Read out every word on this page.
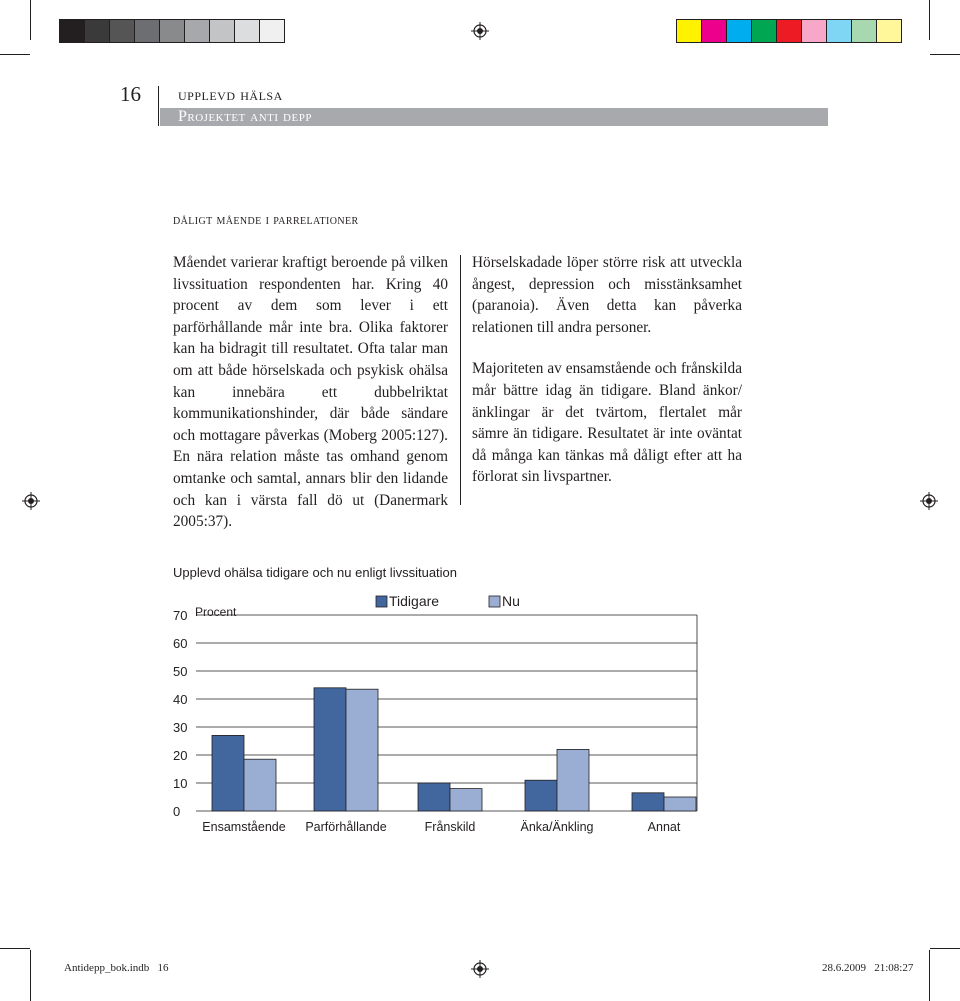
16 upplevd hälsa
Projektet anti depp
dåligt mående i parrelationer

Måendet varierar kraftigt beroende på vilken livssituation respondenten har. Kring 40 procent av dem som lever i ett parförhållande mår inte bra. Olika faktorer kan ha bidragit till resultatet. Ofta talar man om att både hörselskada och psykisk ohälsa kan innebära ett dubbelriktat kommunikationshinder, där både sändare och mottagare påverkas (Moberg 2005:127). En nära relation måste tas omhand genom omtanke och samtal, annars blir den lidande och kan i värsta fall dö ut (Danermark 2005:37).

Hörselskadade löper större risk att utveckla ångest, depression och misstänksamhet (paranoia). Även detta kan påverka relationen till andra personer.

Majoriteten av ensamstående och frånskilda mår bättre idag än tidigare. Bland änkor/änklingar är det tvärtom, flertalet mår sämre än tidigare. Resultatet är inte oväntat då många kan tänkas må dåligt efter att ha förlorat sin livspartner.

Upplevd ohälsa tidigare och nu enligt livssituation
0
10
20
30
40
50
60
70 Procent
Ensamstående Parförhållande	Frånskild	Änka/Änkling	Annat
Tidigare	Nu
Antidepp_bok.indb   16	28.6.2009   21:08:27
